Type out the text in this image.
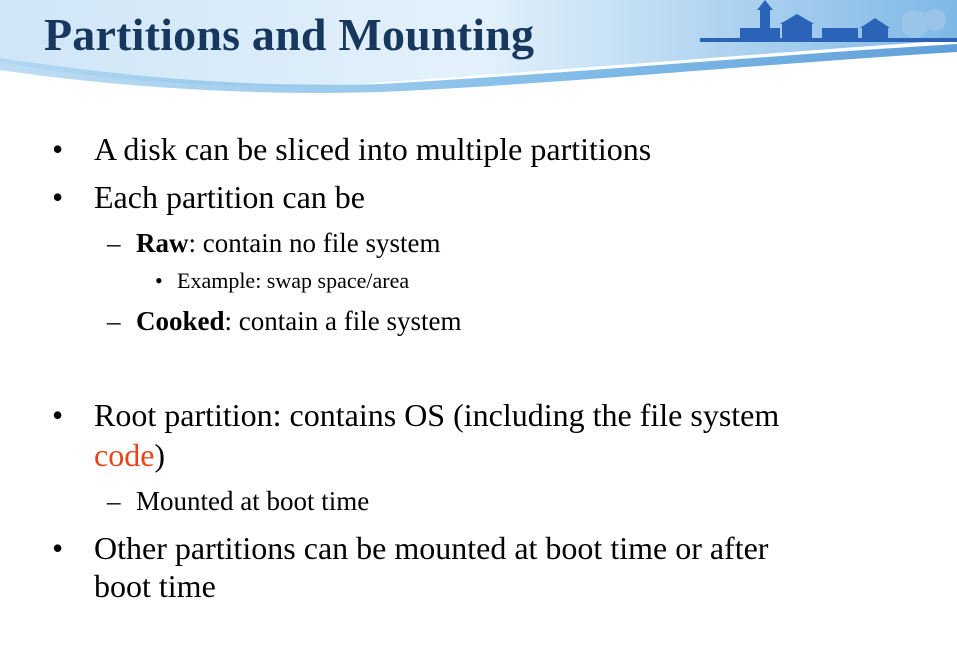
Partitions and Mounting
• A disk can be sliced into multiple partitions
• Each partition can be
– Raw: contain no file system
• Example: swap space/area
– Cooked: contain a file system
• Root partition: contains OS (including the file system
code)
– Mounted at boot time
• Other partitions can be mounted at boot time or after
boot time
